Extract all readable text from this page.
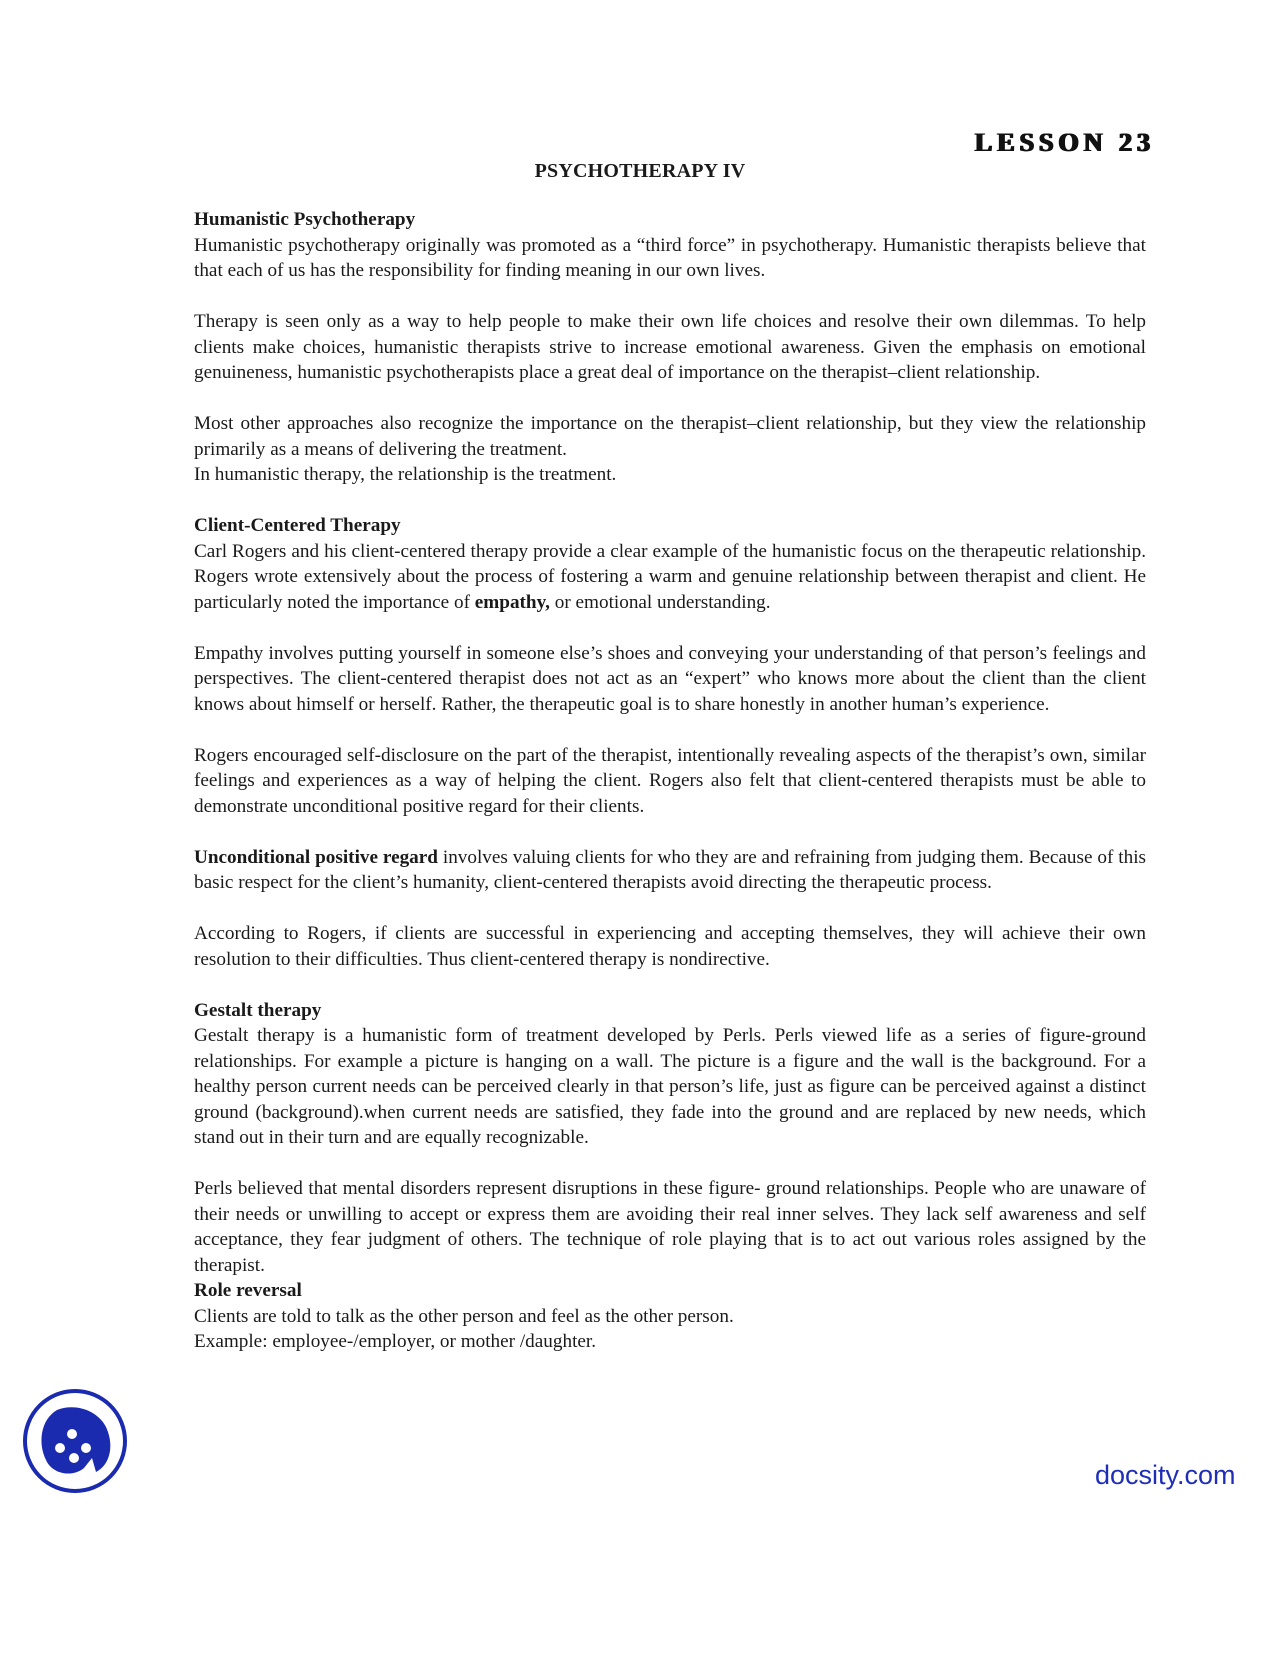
LESSON 23
PSYCHOTHERAPY IV
Humanistic Psychotherapy

Humanistic psychotherapy originally was promoted as a “third force” in psychotherapy. Humanistic therapists believe that that each of us has the responsibility for finding meaning in our own lives.

Therapy is seen only as a way to help people to make their own life choices and resolve their own dilemmas. To help clients make choices, humanistic therapists strive to increase emotional awareness. Given the emphasis on emotional genuineness, humanistic psychotherapists place a great deal of importance on the therapist–client relationship.

Most other approaches also recognize the importance on the therapist–client relationship, but they view the relationship primarily as a means of delivering the treatment.

In humanistic therapy, the relationship is the treatment.

Client-Centered Therapy

Carl Rogers and his client-centered therapy provide a clear example of the humanistic focus on the therapeutic relationship. Rogers wrote extensively about the process of fostering a warm and genuine relationship between therapist and client. He particularly noted the importance of empathy, or emotional understanding.

Empathy involves putting yourself in someone else’s shoes and conveying your understanding of that person’s feelings and perspectives. The client-centered therapist does not act as an “expert” who knows more about the client than the client knows about himself or herself. Rather, the therapeutic goal is to share honestly in another human’s experience.

Rogers encouraged self-disclosure on the part of the therapist, intentionally revealing aspects of the therapist’s own, similar feelings and experiences as a way of helping the client. Rogers also felt that client-centered therapists must be able to demonstrate unconditional positive regard for their clients.

Unconditional positive regard involves valuing clients for who they are and refraining from judging them. Because of this basic respect for the client’s humanity, client-centered therapists avoid directing the therapeutic process.

According to Rogers, if clients are successful in experiencing and accepting themselves, they will achieve their own resolution to their difficulties. Thus client-centered therapy is nondirective.

Gestalt therapy

Gestalt therapy is a humanistic form of treatment developed by Perls. Perls viewed life as a series of figure-ground relationships. For example a picture is hanging on a wall. The picture is a figure and the wall is the background. For a healthy person current needs can be perceived clearly in that person’s life, just as figure can be perceived against a distinct ground (background).when current needs are satisfied, they fade into the ground and are replaced by new needs, which stand out in their turn and are equally recognizable.

Perls believed that mental disorders represent disruptions in these figure- ground relationships. People who are unaware of their needs or unwilling to accept or express them are avoiding their real inner selves. They lack self awareness and self acceptance, they fear judgment of others. The technique of role playing that is to act out various roles assigned by the therapist.

Role reversal

Clients are told to talk as the other person and feel as the other person.

Example: employee-/employer, or mother /daughter.

docsity.com
